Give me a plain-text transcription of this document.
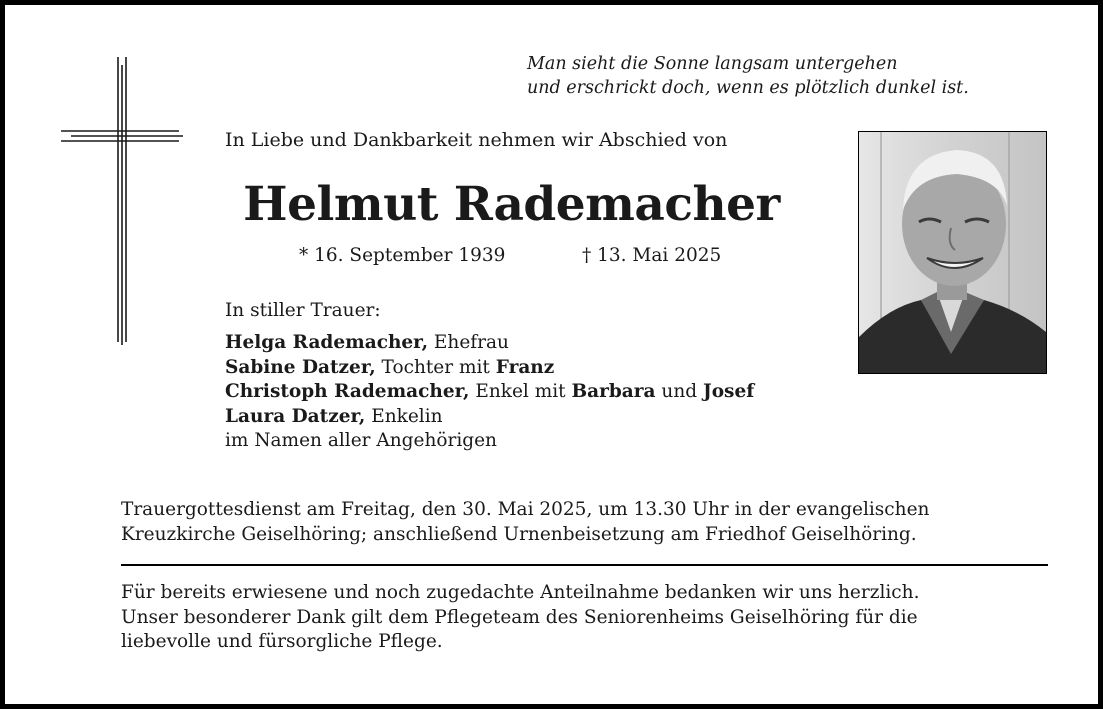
Man sieht die Sonne langsam untergehen
und erschrickt doch, wenn es plötzlich dunkel ist.
In Liebe und Dankbarkeit nehmen wir Abschied von
Helmut Rademacher
* 16. September 1939	† 13. Mai 2025
In stiller Trauer:
Helga Rademacher, Ehefrau
Sabine Datzer, Tochter mit Franz
Christoph Rademacher, Enkel mit Barbara und Josef
Laura Datzer, Enkelin
im Namen aller Angehörigen
Trauergottesdienst am Freitag, den 30. Mai 2025, um 13.30 Uhr in der evangelischen
Kreuzkirche Geiselhöring; anschließend Urnenbeisetzung am Friedhof Geiselhöring.
Für bereits erwiesene und noch zugedachte Anteilnahme bedanken wir uns herzlich.
Unser besonderer Dank gilt dem Pflegeteam des Seniorenheims Geiselhöring für die
liebevolle und fürsorgliche Pflege.
